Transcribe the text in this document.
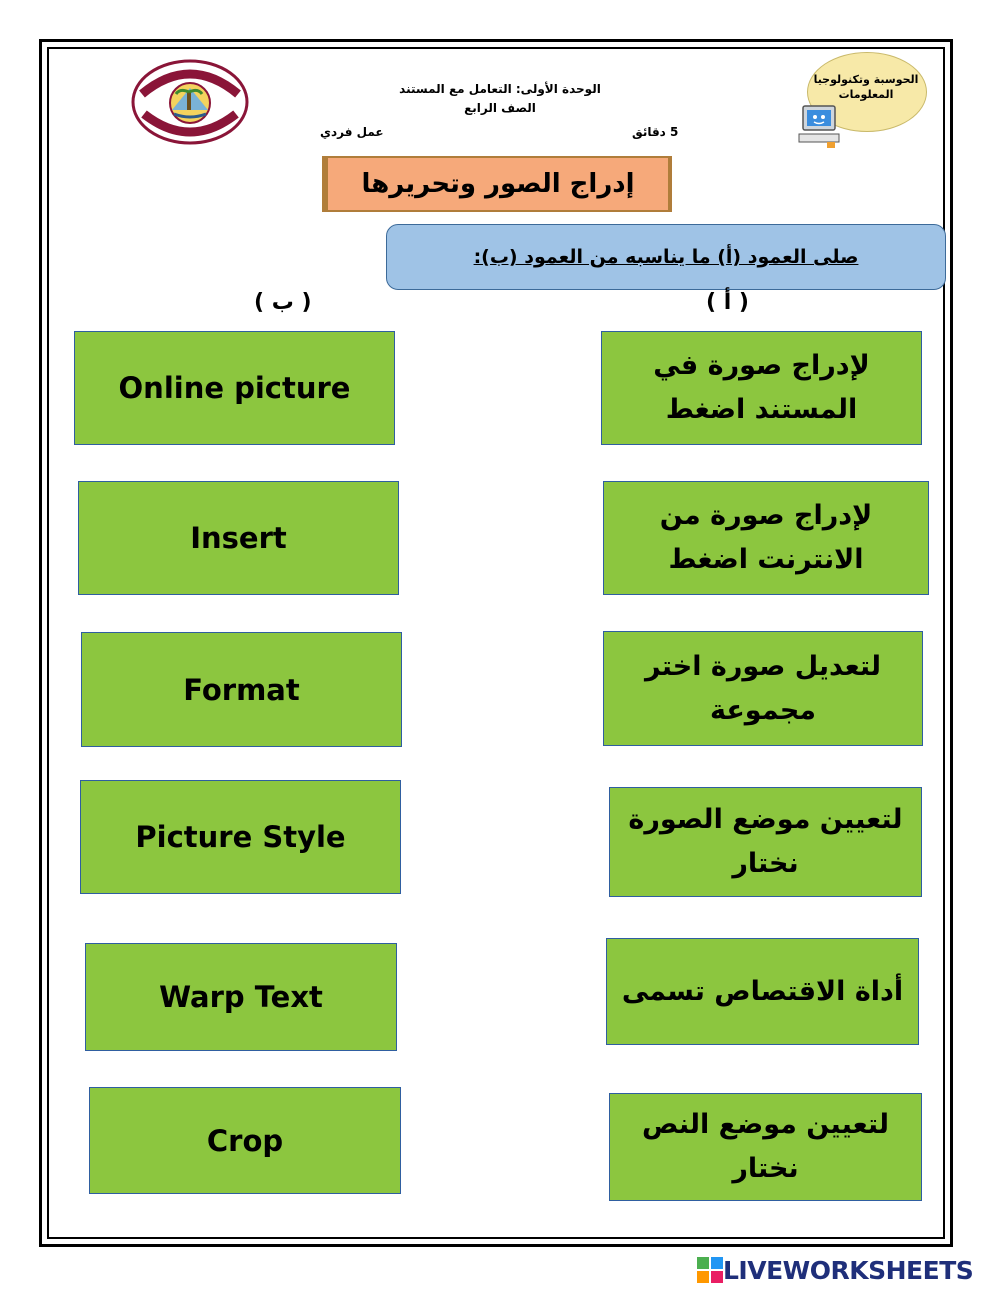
الحوسبة وتكنولوجيا المعلومات
الوحدة الأولى: التعامل مع المستند
الصف الرابع
5 دقائق
عمل فردي
إدراج الصور وتحريرها
صلى العمود (أ) ما يناسبه من العمود (ب):
( ب )	( أ )
Online picture
Insert
Format
Picture Style
Warp Text
Crop
لإدراج صورة في المستند اضغط
لإدراج صورة من الانترنت اضغط
لتعديل صورة اختر مجموعة
لتعيين موضع الصورة نختار
أداة الاقتصاص تسمى
لتعيين موضع النص نختار
LIVEWORKSHEETS
